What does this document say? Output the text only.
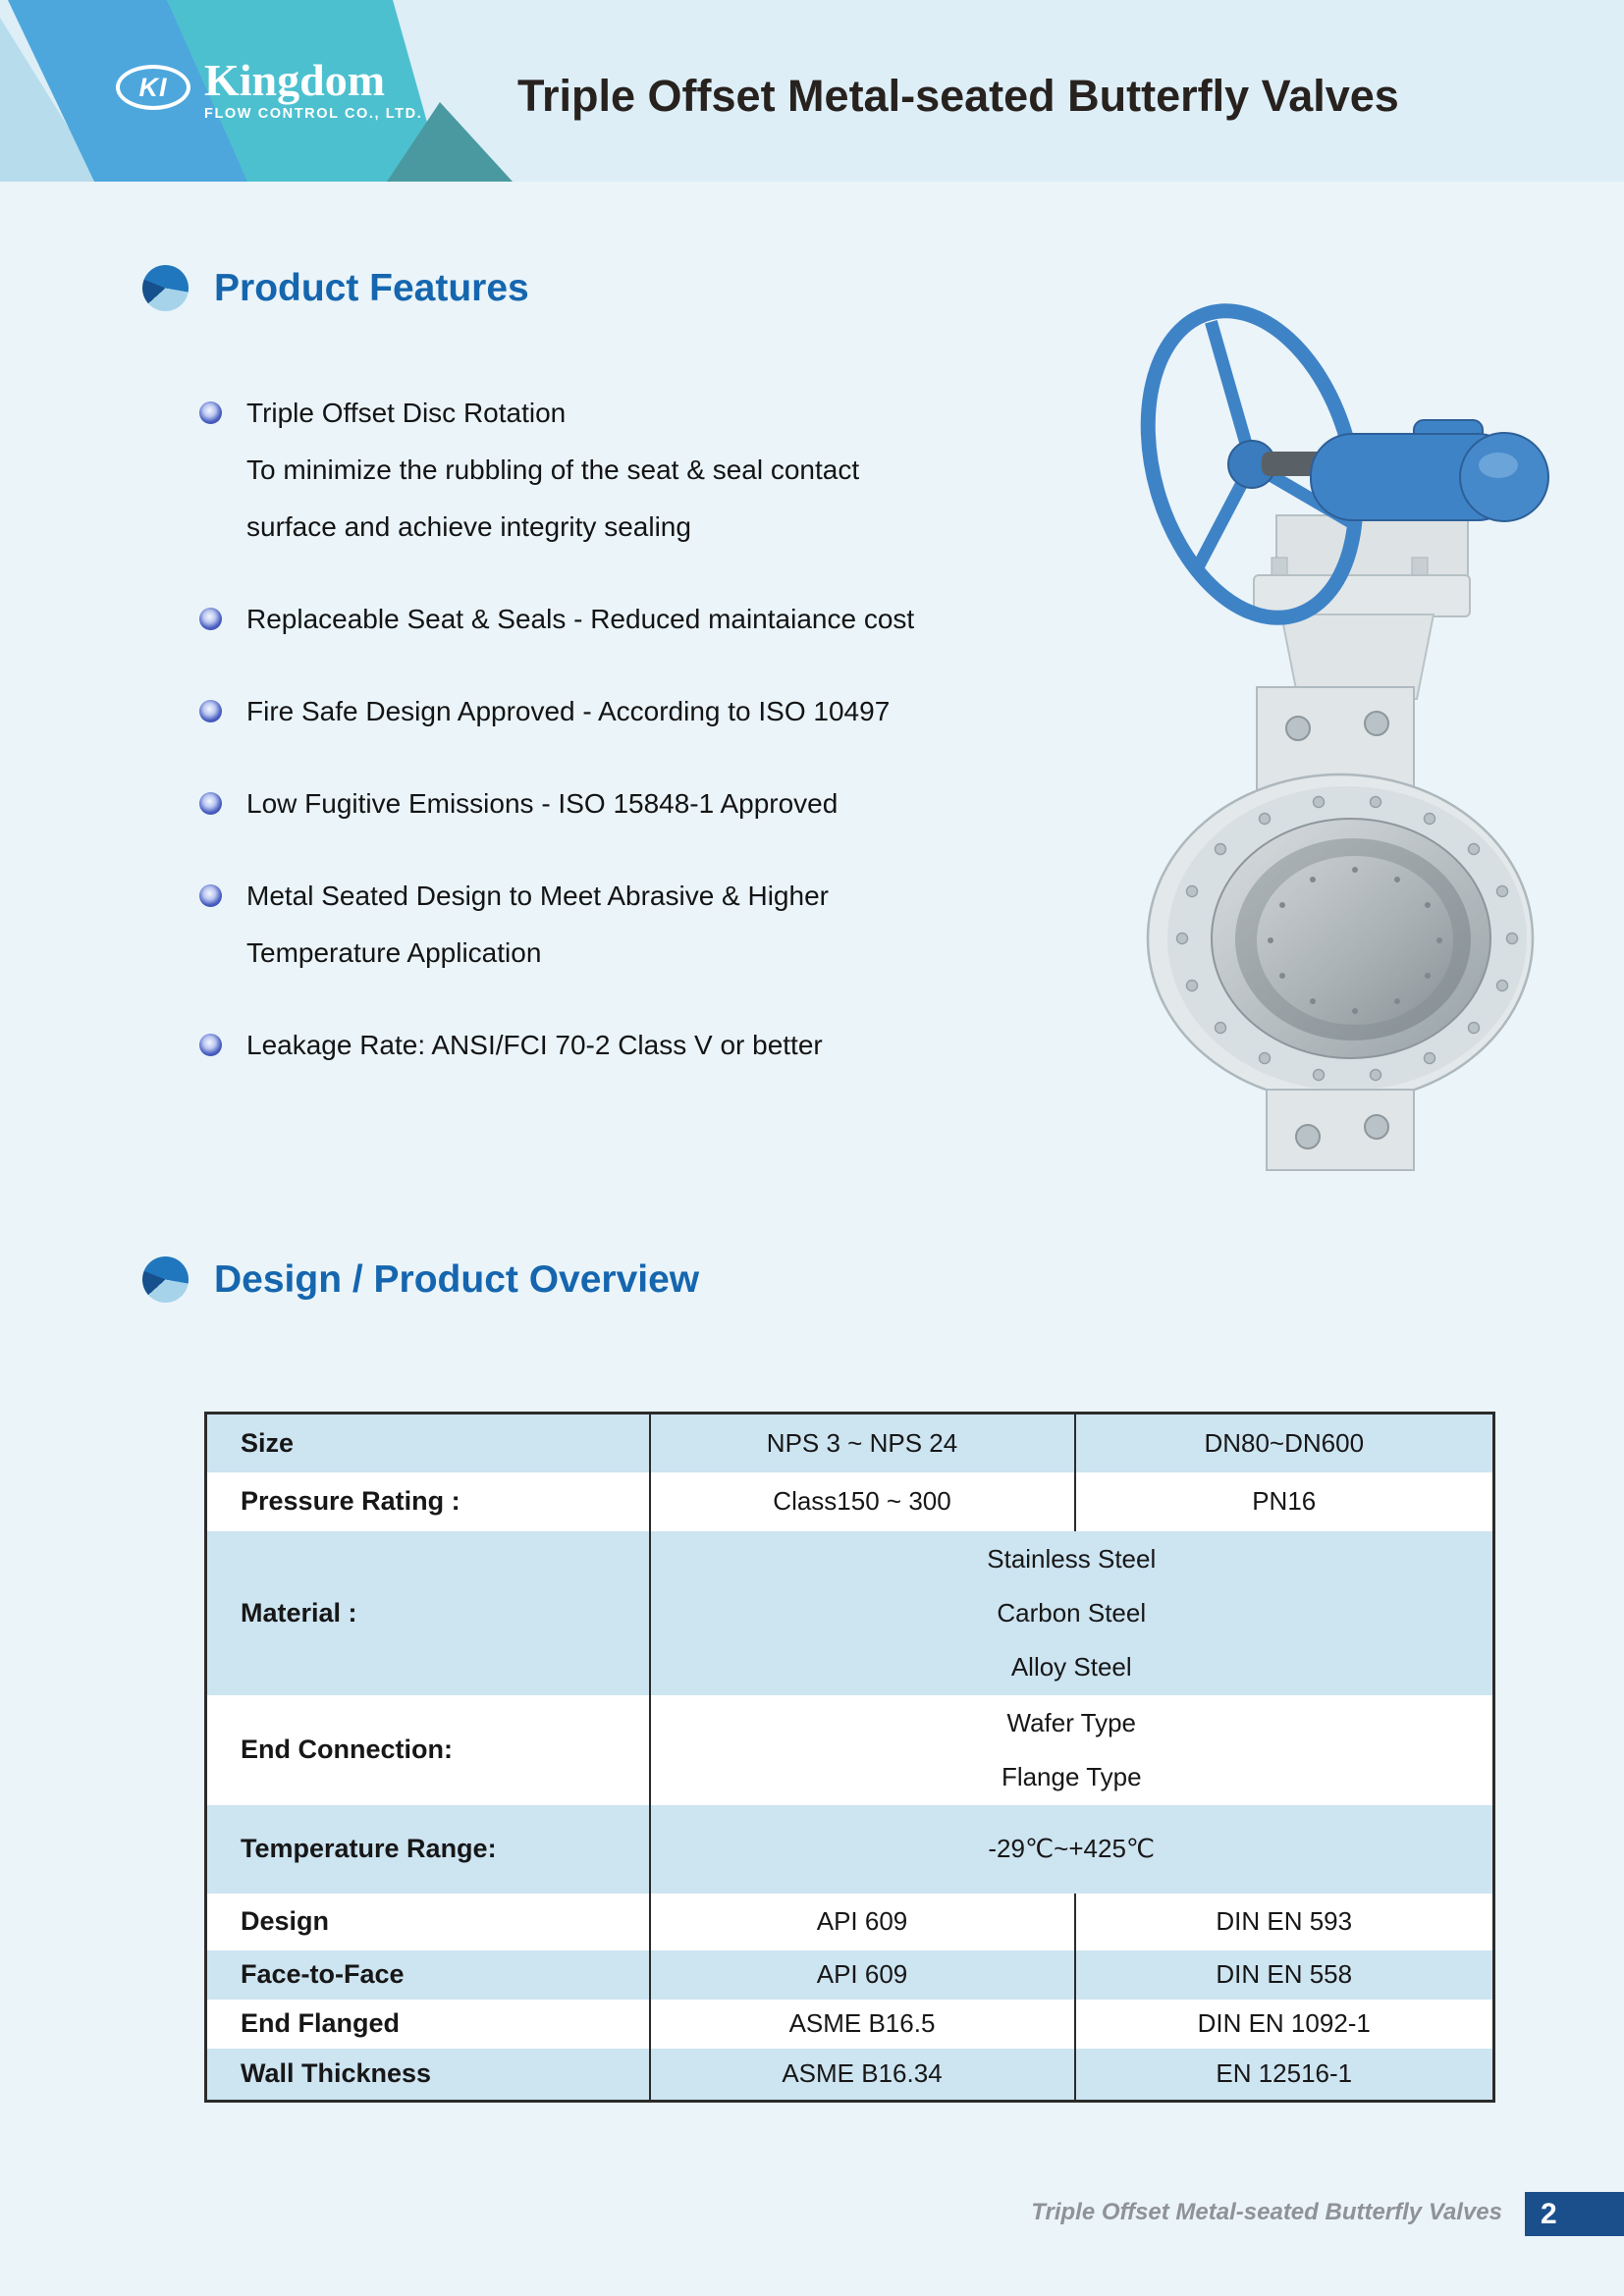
KI Kingdom
FLOW CONTROL CO., LTD. Triple Offset Metal-seated Butterfly Valves
Product Features
Triple Offset Disc Rotation
To minimize the rubbling of the seat & seal contact
surface and achieve integrity sealing
Replaceable Seat & Seals - Reduced maintaiance cost
Fire Safe Design Approved - According to ISO 10497
Low Fugitive Emissions - ISO 15848-1 Approved
Metal Seated Design to Meet Abrasive & Higher
Temperature Application
Leakage Rate: ANSI/FCI 70-2 Class V or better
Design / Product Overview
Size	NPS 3 ~ NPS 24	DN80~DN600
Pressure Rating :	Class150 ~ 300	PN16
Material :	Stainless Steel
Carbon Steel
Alloy Steel	

End Connection:	Wafer Type
Flange Type	

Temperature Range:	-29℃~+425℃	
Design	API 609	DIN EN 593
Face-to-Face	API 609	DIN EN 558
End Flanged	ASME B16.5	DIN EN 1092-1
Wall Thickness	ASME B16.34	EN 12516-1
Triple Offset Metal-seated Butterfly Valves	2
